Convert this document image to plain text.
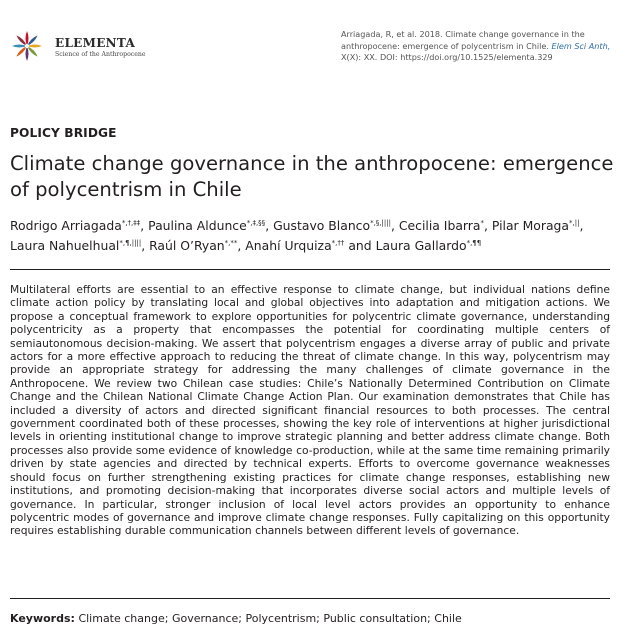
ELEMENTA
Science of the Anthropocene
Arriagada, R, et al. 2018. Climate change governance in the anthropocene: emergence of polycentrism in Chile. Elem Sci Anth, X(X): XX. DOI: https://doi.org/10.1525/elementa.329
POLICY BRIDGE
Climate change governance in the anthropocene: emergence of polycentrism in Chile
Rodrigo Arriagada*,†,‡‡, Paulina Aldunce*,‡,§§, Gustavo Blanco*,§,||||, Cecilia Ibarra*, Pilar Moraga*,||, Laura Nahuelhual*,¶,||||, Raúl O’Ryan*,**, Anahí Urquiza*,†† and Laura Gallardo*,¶¶

Multilateral efforts are essential to an effective response to climate change, but individual nations define climate action policy by translating local and global objectives into adaptation and mitigation actions. We propose a conceptual framework to explore opportunities for polycentric climate governance, understanding polycentricity as a property that encompasses the potential for coordinating multiple centers of semiautonomous decision-making. We assert that polycentrism engages a diverse array of public and private actors for a more effective approach to reducing the threat of climate change. In this way, polycentrism may provide an appropriate strategy for addressing the many challenges of climate governance in the Anthropocene. We review two Chilean case studies: Chile’s Nationally Determined Contribution on Climate Change and the Chilean National Climate Change Action Plan. Our examination demonstrates that Chile has included a diversity of actors and directed significant financial resources to both processes. The central government coordinated both of these processes, showing the key role of interventions at higher jurisdictional levels in orienting institutional change to improve strategic planning and better address climate change. Both processes also provide some evidence of knowledge co-production, while at the same time remaining primarily driven by state agencies and directed by technical experts. Efforts to overcome governance weaknesses should focus on further strengthening existing practices for climate change responses, establishing new institutions, and promoting decision-making that incorporates diverse social actors and multiple levels of governance. In particular, stronger inclusion of local level actors provides an opportunity to enhance polycentric modes of governance and improve climate change responses. Fully capitalizing on this opportunity requires establishing durable communication channels between different levels of governance.

Keywords: Climate change; Governance; Polycentrism; Public consultation; Chile
